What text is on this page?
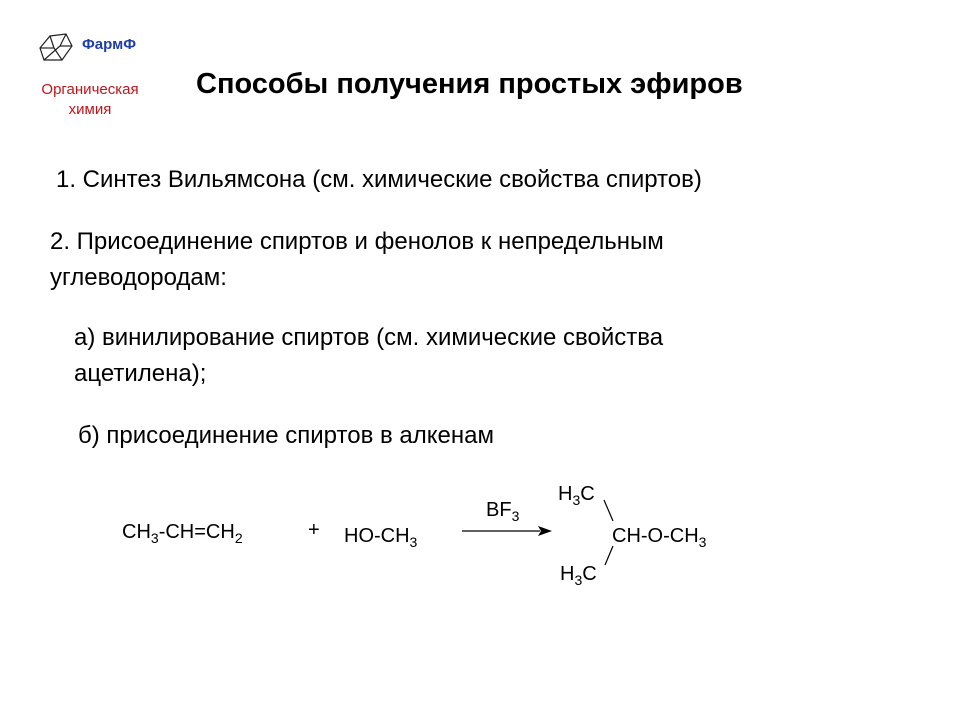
ФармФ
Органическая
химия
Способы получения простых эфиров
1. Синтез Вильямсона (см. химические свойства спиртов)
2. Присоединение спиртов и фенолов к непредельным
углеводородам:
а) винилирование спиртов (см. химические свойства
ацетилена);
б) присоединение спиртов в алкенам
$CH_3-CH=CH_2$	+ $HO-CH_3$
$BF_3$
$H_3C$
$CH-O-CH_3$
$H_3C$
